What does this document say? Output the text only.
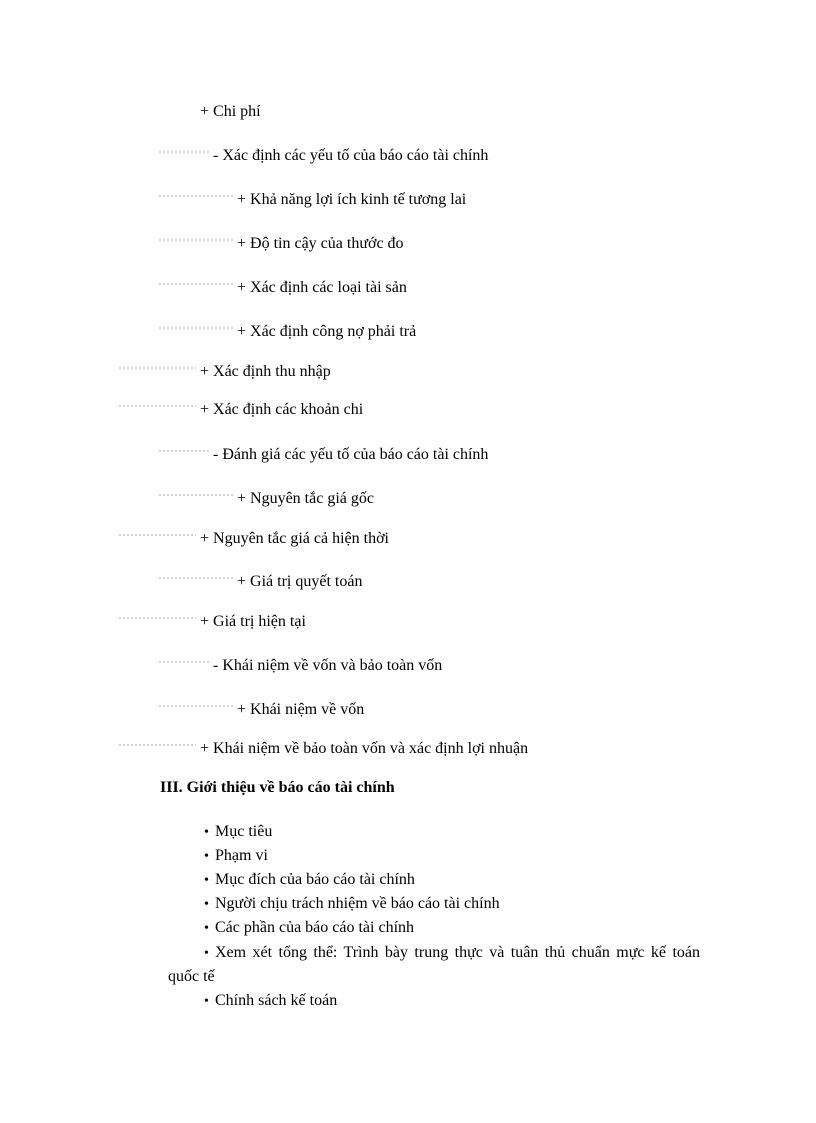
+ Chi phí
- Xác định các yếu tố của báo cáo tài chính
+ Khả năng lợi ích kinh tế tương lai
+ Độ tin cậy của thước đo
+ Xác định các loại tài sản
+ Xác định công nợ phải trả
+ Xác định thu nhập
+ Xác định các khoản chi
- Đánh giá các yếu tố của báo cáo tài chính
+ Nguyên tắc giá gốc
+ Nguyên tắc giá cả hiện thời
+ Giá trị quyết toán
+ Giá trị hiện tại
- Khái niệm về vốn và bảo toàn vốn
+ Khái niệm về vốn
+ Khái niệm về bảo toàn vốn và xác định lợi nhuận
III. Giới thiệu về báo cáo tài chính
• Mục tiêu
• Phạm vi
• Mục đích của báo cáo tài chính
• Người chịu trách nhiệm về báo cáo tài chính
• Các phần của báo cáo tài chính
• Xem xét tổng thể: Trình bày trung thực và tuân thủ chuẩn mực kế toán
quốc tế
• Chính sách kế toán
